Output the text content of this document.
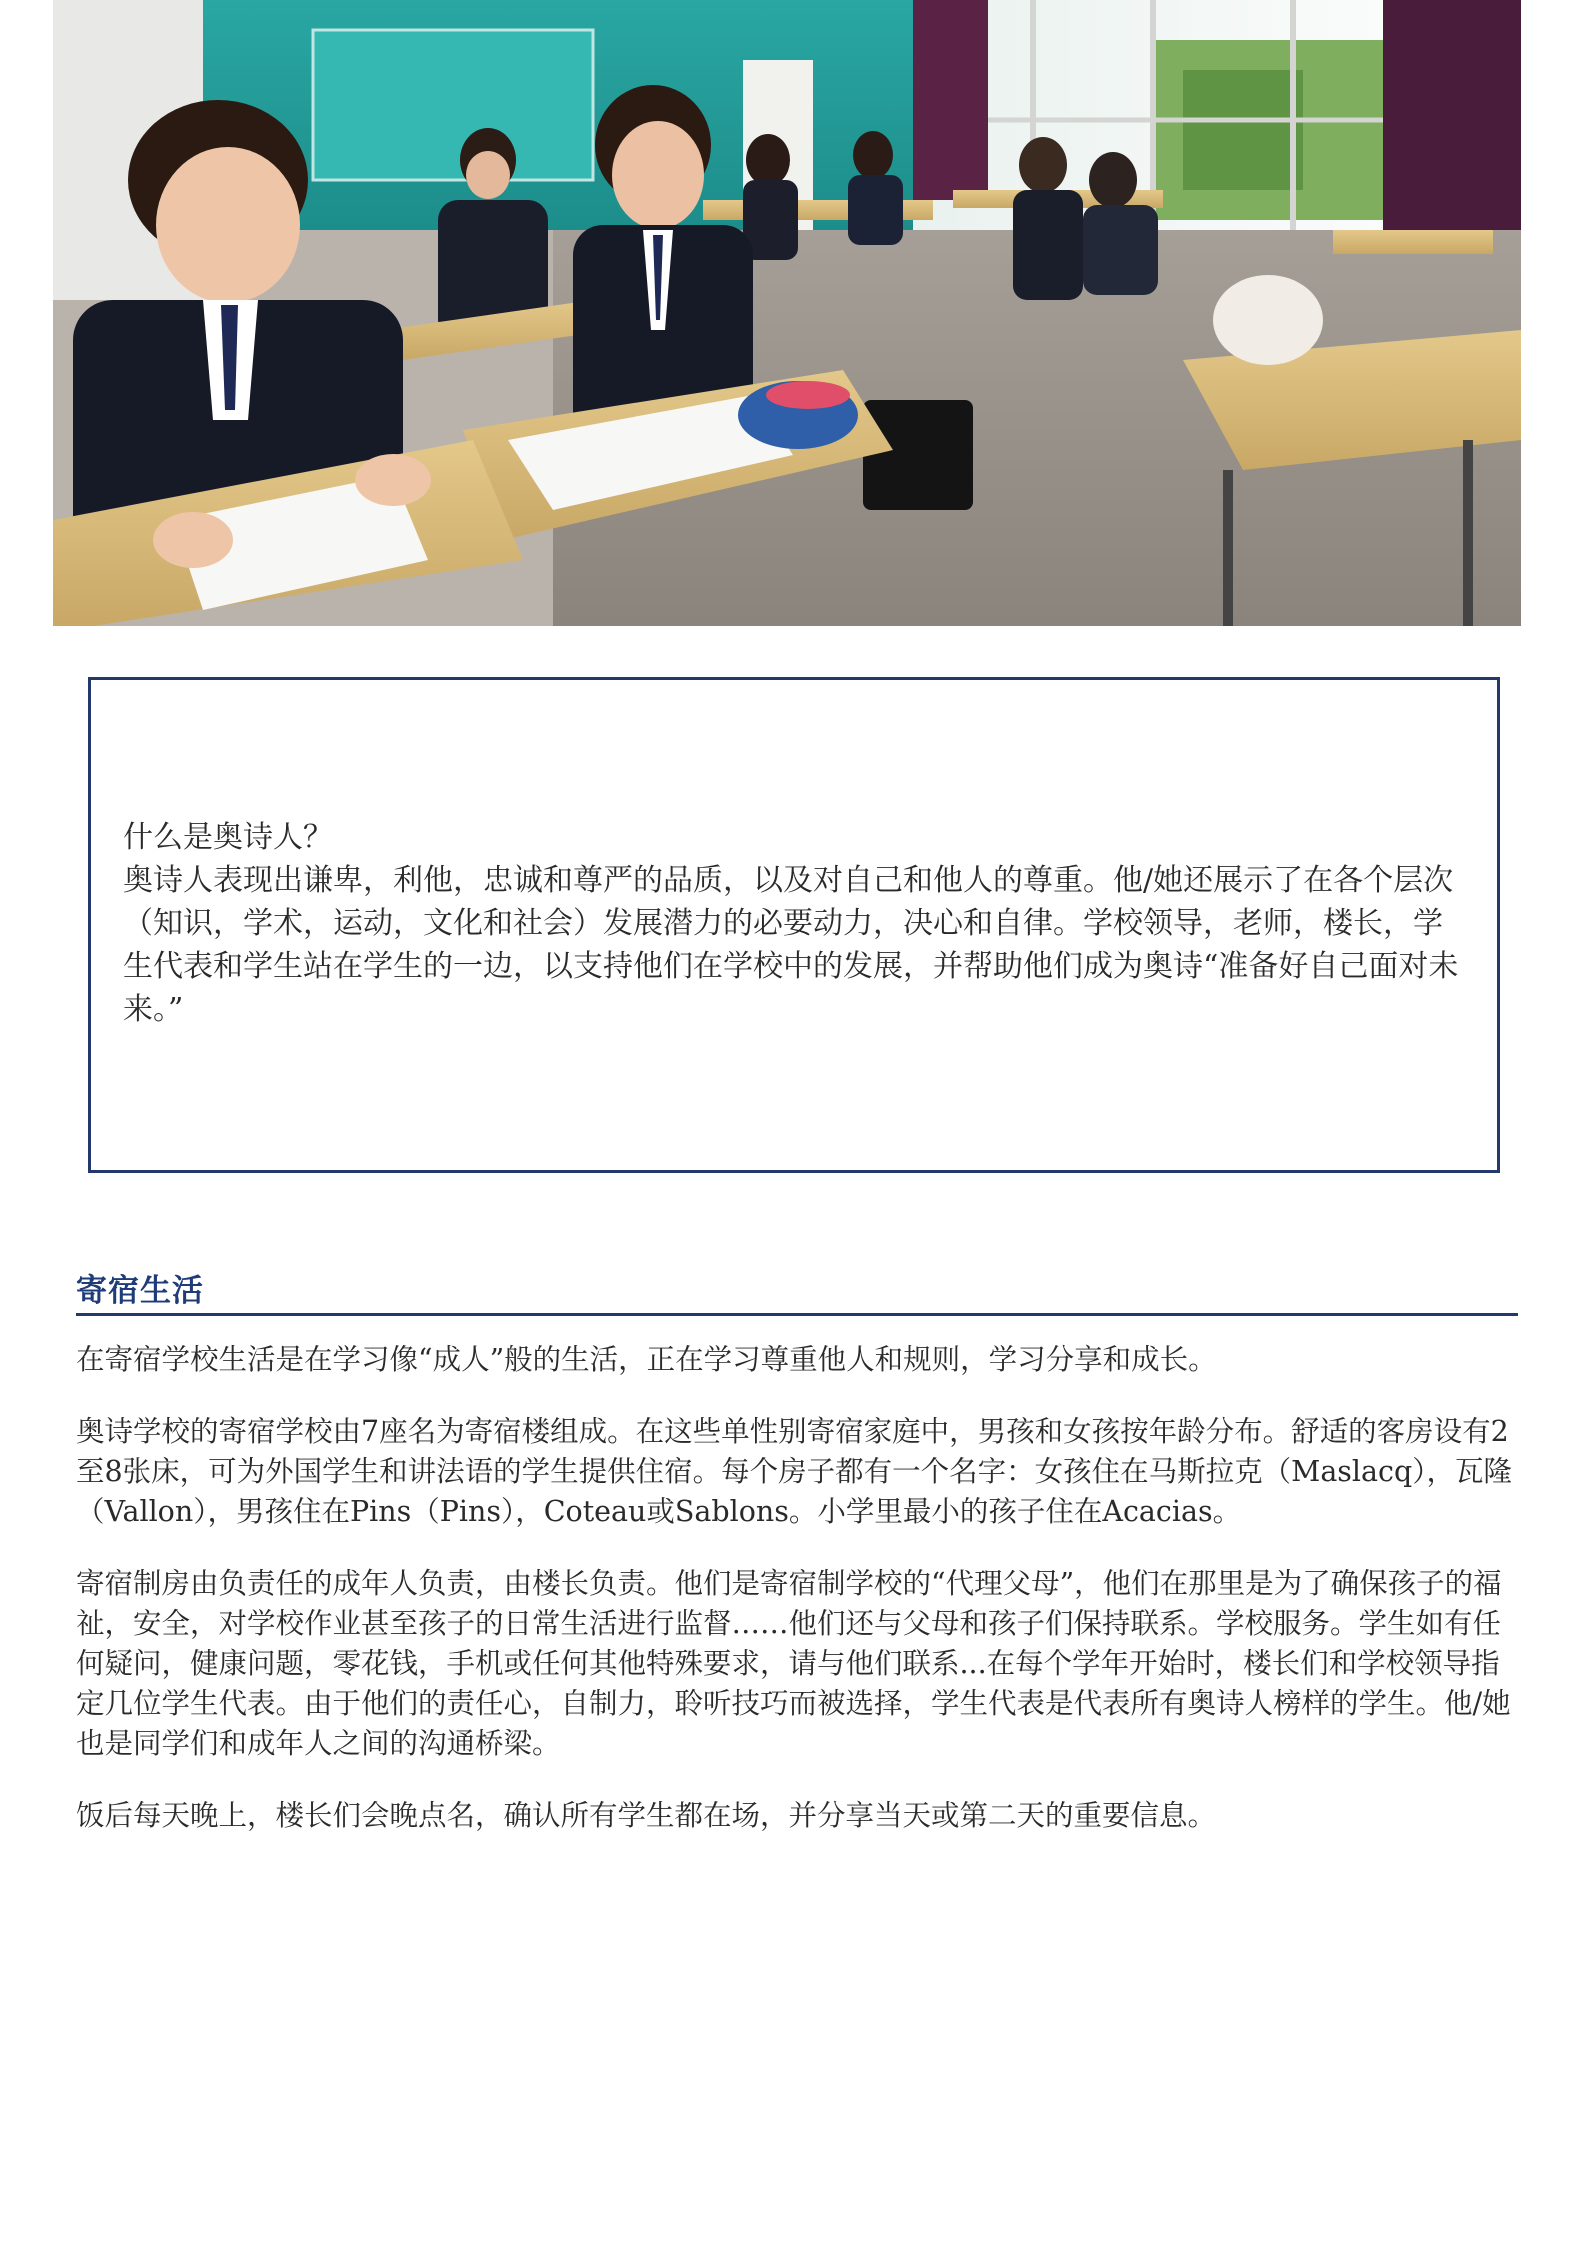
什么是奥诗人？
奥诗人表现出谦卑，利他，忠诚和尊严的品质，以及对自己和他人的尊重。他/她还展示了在各个层次（知识，学术，运动，文化和社会）发展潜力的必要动力，决心和自律。学校领导，老师，楼长，学生代表和学生站在学生的一边，以支持他们在学校中的发展，并帮助他们成为奥诗“准备好自己面对未来。”
寄宿生活

在寄宿学校生活是在学习像“成人”般的生活，正在学习尊重他人和规则，学习分享和成长。

奥诗学校的寄宿学校由7座名为寄宿楼组成。在这些单性别寄宿家庭中，男孩和女孩按年龄分布。舒适的客房设有2至8张床，可为外国学生和讲法语的学生提供住宿。每个房子都有一个名字：女孩住在马斯拉克（Maslacq），瓦隆（Vallon），男孩住在Pins（Pins），Coteau或Sablons。小学里最小的孩子住在Acacias。

寄宿制房由负责任的成年人负责，由楼长负责。他们是寄宿制学校的“代理父母”，他们在那里是为了确保孩子的福祉，安全，对学校作业甚至孩子的日常生活进行监督……他们还与父母和孩子们保持联系。学校服务。学生如有任何疑问，健康问题，零花钱，手机或任何其他特殊要求，请与他们联系...在每个学年开始时，楼长们和学校领导指定几位学生代表。由于他们的责任心，自制力，聆听技巧而被选择，学生代表是代表所有奥诗人榜样的学生。他/她也是同学们和成年人之间的沟通桥梁。

饭后每天晚上，楼长们会晚点名，确认所有学生都在场，并分享当天或第二天的重要信息。
